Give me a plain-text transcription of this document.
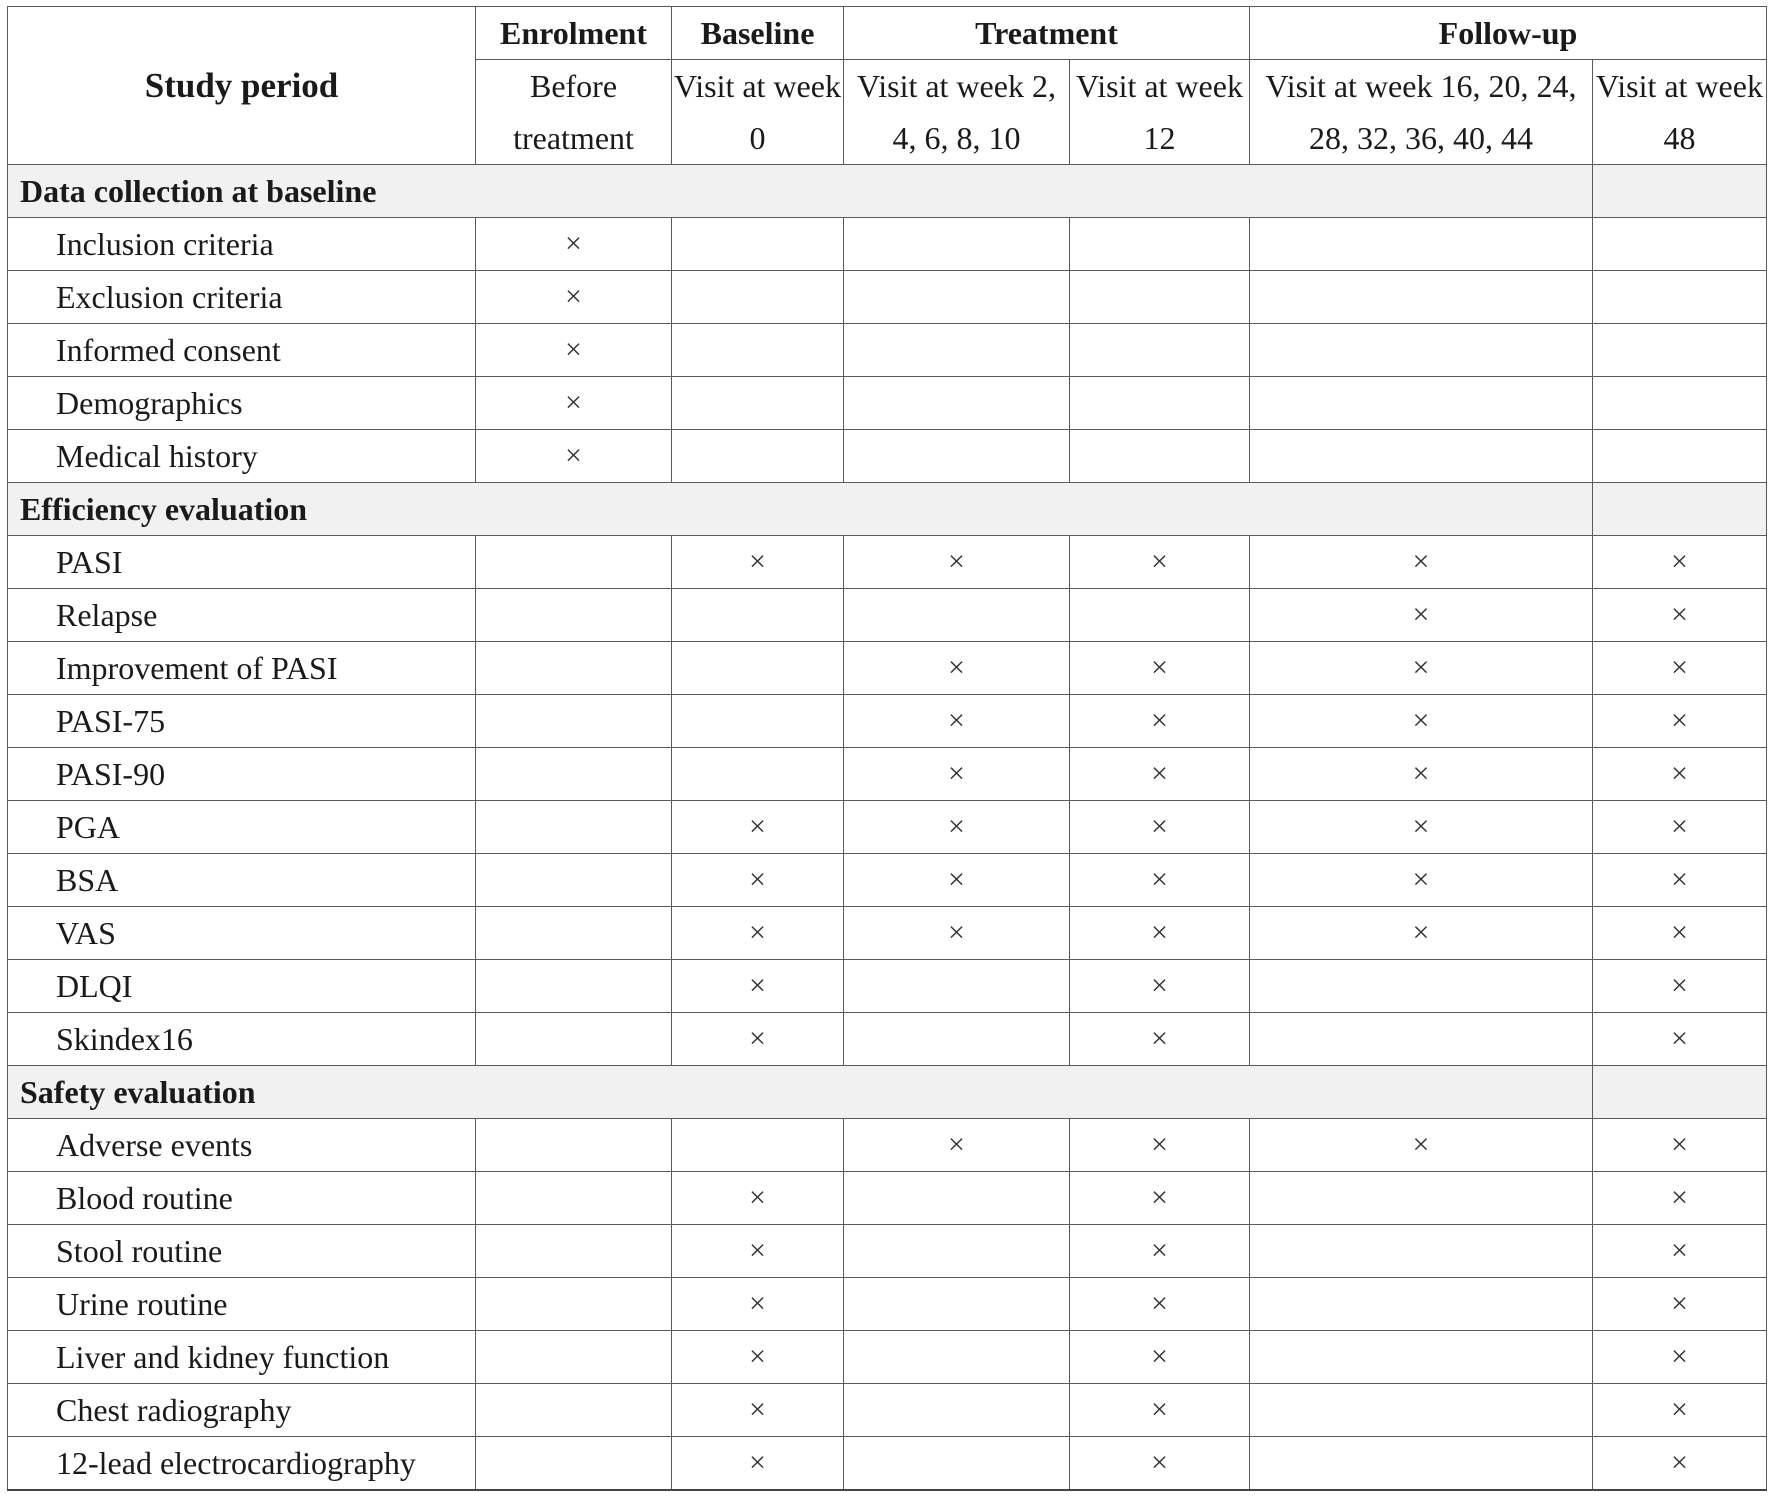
Study period	Enrolment	Baseline	Treatment		Follow-up	
	Before treatment	Visit at week 0	Visit at week 2, 4, 6, 8, 10	Visit at week 12	Visit at week 16, 20, 24, 28, 32, 36, 40, 44	Visit at week 48
Data collection at baseline						
Inclusion criteria	×					
Exclusion criteria	×					
Informed consent	×					
Demographics	×					
Medical history	×					
Efficiency evaluation						
PASI		×	×	×	×	×
Relapse					×	×
Improvement of PASI			×	×	×	×
PASI-75			×	×	×	×
PASI-90			×	×	×	×
PGA		×	×	×	×	×
BSA		×	×	×	×	×
VAS		×	×	×	×	×
DLQI		×		×		×
Skindex16		×		×		×
Safety evaluation						
Adverse events			×	×	×	×
Blood routine		×		×		×
Stool routine		×		×		×
Urine routine		×		×		×
Liver and kidney function		×		×		×
Chest radiography		×		×		×
12-lead electrocardiography		×		×		×
